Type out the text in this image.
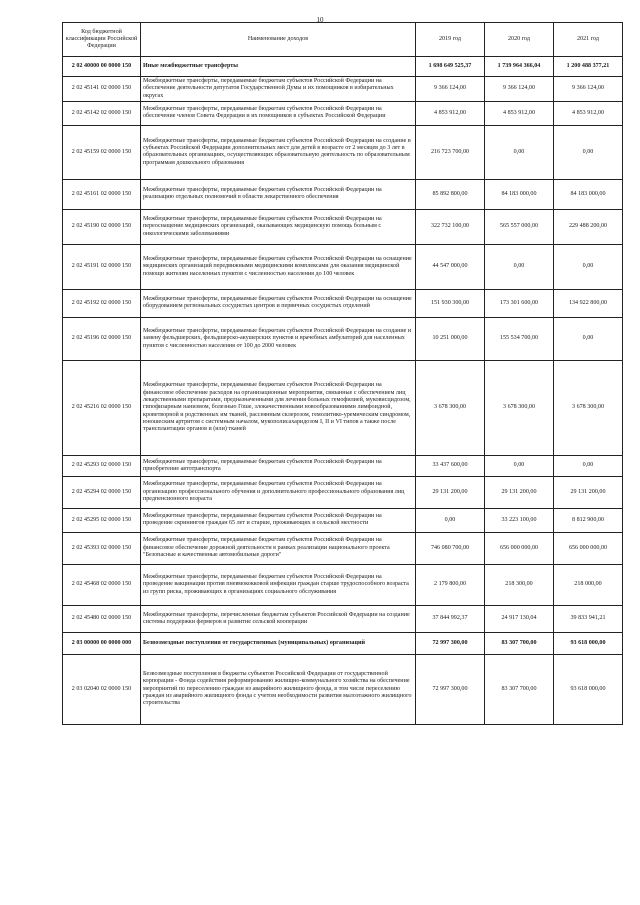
10
Код бюджетной классификации Российской Федерации	Наименование доходов	2019 год	2020 год	2021 год
2 02 40000 00 0000 150	Иные межбюджетные трансферты	1 698 649 525,37	1 739 964 366,04	1 200 488 377,21
2 02 45141 02 0000 150	Межбюджетные трансферты, передаваемые бюджетам субъектов Российской Федерации на обеспечение деятельности депутатов Государственной Думы и их помощников в избирательных округах	9 366 124,00	9 366 124,00	9 366 124,00
2 02 45142 02 0000 150	Межбюджетные трансферты, передаваемые бюджетам субъектов Российской Федерации на обеспечение членов Совета Федерации и их помощников в субъектах Российской Федерации	4 853 912,00	4 853 912,00	4 853 912,00
2 02 45159 02 0000 150	Межбюджетные трансферты, передаваемые бюджетам субъектов Российской Федерации на создание в субъектах Российской Федерации дополнительных мест для детей в возрасте от 2 месяцев до 3 лет в образовательных организациях, осуществляющих образовательную деятельность по образовательным программам дошкольного образования	216 723 700,00	0,00	0,00
2 02 45161 02 0000 150	Межбюджетные трансферты, передаваемые бюджетам субъектов Российской Федерации на реализацию отдельных полномочий в области лекарственного обеспечения	85 892 800,00	84 183 000,00	84 183 000,00
2 02 45190 02 0000 150	Межбюджетные трансферты, передаваемые бюджетам субъектов Российской Федерации на переоснащение медицинских организаций, оказывающих медицинскую помощь больным с онкологическими заболеваниями	322 732 100,00	565 557 000,00	229 488 200,00
2 02 45191 02 0000 150	Межбюджетные трансферты, передаваемые бюджетам субъектов Российской Федерации на оснащение медицинских организаций передвижными медицинскими комплексами для оказания медицинской помощи жителям населенных пунктов с численностью населения до 100 человек	44 547 000,00	0,00	0,00
2 02 45192 02 0000 150	Межбюджетные трансферты, передаваемые бюджетам субъектов Российской Федерации на оснащение оборудованием региональных сосудистых центров и первичных сосудистых отделений	151 930 300,00	173 301 600,00	134 922 800,00
2 02 45196 02 0000 150	Межбюджетные трансферты, передаваемые бюджетам субъектов Российской Федерации на создание и замену фельдшерских, фельдшерско-акушерских пунктов и врачебных амбулаторий для населенных пунктов с численностью населения от 100 до 2000 человек	10 251 000,00	155 534 700,00	0,00
2 02 45216 02 0000 150	Межбюджетные трансферты, передаваемые бюджетам субъектов Российской Федерации на финансовое обеспечение расходов на организационные мероприятия, связанные с обеспечением лиц лекарственными препаратами, предназначенными для лечения больных гемофилией, муковисцидозом, гипофизарным нанизмом, болезнью Гоше, злокачественными новообразованиями лимфоидной, кроветворной и родственных им тканей, рассеянным склерозом, гемолитико-уремическим синдромом, юношеским артритом с системным началом, мукополисахаридозом I, II и VI типов а также после трансплантации органов и (или) тканей	3 678 300,00	3 678 300,00	3 678 300,00
2 02 45293 02 0000 150	Межбюджетные трансферты, передаваемые бюджетам субъектов Российской Федерации на приобретение автотранспорта	33 437 600,00	0,00	0,00
2 02 45294 02 0000 150	Межбюджетные трансферты, передаваемые бюджетам субъектов Российской Федерации на организацию профессионального обучения и дополнительного профессионального образования лиц предпенсионного возраста	29 131 200,00	29 131 200,00	29 131 200,00
2 02 45295 02 0000 150	Межбюджетные трансферты, передаваемые бюджетам субъектов Российской Федерации на проведение скринингов граждан 65 лет и старше, проживающих в сельской местности	0,00	33 223 100,00	8 812 900,00
2 02 45393 02 0000 150	Межбюджетные трансферты, передаваемые бюджетам субъектов Российской Федерации на финансовое обеспечение дорожной деятельности в рамках реализации национального проекта "Безопасные и качественные автомобильные дороги"	746 080 700,00	656 000 000,00	656 000 000,00
2 02 45468 02 0000 150	Межбюджетные трансферты, передаваемые бюджетам субъектов Российской Федерации на проведение вакцинации против пневмококковой инфекции граждан старше трудоспособного возраста из групп риска, проживающих в организациях социального обслуживания	2 179 800,00	218 300,00	218 000,00
2 02 45480 02 0000 150	Межбюджетные трансферты, перечисленные бюджетам субъектов Российской Федерации на создание системы поддержки фермеров и развитие сельской кооперации	37 844 992,37	24 917 130,04	39 833 941,21
2 03 00000 00 0000 000	Безвозмездные поступления от государственных (муниципальных) организаций	72 997 300,00	83 307 700,00	93 618 000,00
2 03 02040 02 0000 150	Безвозмездные поступления в бюджеты субъектов Российской Федерации от государственной корпорации - Фонда содействия реформированию жилищно-коммунального хозяйства на обеспечение мероприятий по переселению граждан из аварийного жилищного фонда, в том числе переселению граждан из аварийного жилищного фонда с учетом необходимости развития малоэтажного жилищного строительства	72 997 300,00	83 307 700,00	93 618 000,00
